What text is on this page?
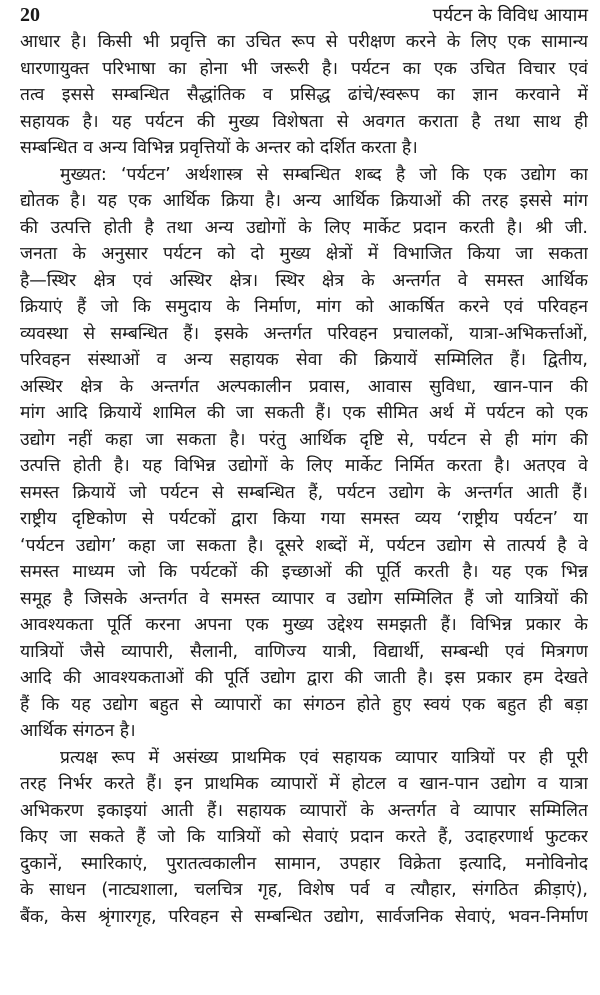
20	पर्यटन के विविध आयाम
आधार है। किसी भी प्रवृत्ति का उचित रूप से परीक्षण करने के लिए एक सामान्य
धारणायुक्त परिभाषा का होना भी जरूरी है। पर्यटन का एक उचित विचार एवं
तत्व इससे सम्बन्धित सैद्धांतिक व प्रसिद्ध ढांचे/स्वरूप का ज्ञान करवाने में
सहायक है। यह पर्यटन की मुख्य विशेषता से अवगत कराता है तथा साथ ही
सम्बन्धित व अन्य विभिन्न प्रवृत्तियों के अन्तर को दर्शित करता है।
मुख्यत: ‘पर्यटन’ अर्थशास्त्र से सम्बन्धित शब्द है जो कि एक उद्योग का
द्योतक है। यह एक आर्थिक क्रिया है। अन्य आर्थिक क्रियाओं की तरह इससे मांग
की उत्पत्ति होती है तथा अन्य उद्योगों के लिए मार्केट प्रदान करती है। श्री जी.
जनता के अनुसार पर्यटन को दो मुख्य क्षेत्रों में विभाजित किया जा सकता
है—स्थिर क्षेत्र एवं अस्थिर क्षेत्र। स्थिर क्षेत्र के अन्तर्गत वे समस्त आर्थिक
क्रियाएं हैं जो कि समुदाय के निर्माण, मांग को आकर्षित करने एवं परिवहन
व्यवस्था से सम्बन्धित हैं। इसके अन्तर्गत परिवहन प्रचालकों, यात्रा-अभिकर्त्ताओं,
परिवहन संस्थाओं व अन्य सहायक सेवा की क्रियायें सम्मिलित हैं। द्वितीय,
अस्थिर क्षेत्र के अन्तर्गत अल्पकालीन प्रवास, आवास सुविधा, खान-पान की
मांग आदि क्रियायें शामिल की जा सकती हैं। एक सीमित अर्थ में पर्यटन को एक
उद्योग नहीं कहा जा सकता है। परंतु आर्थिक दृष्टि से, पर्यटन से ही मांग की
उत्पत्ति होती है। यह विभिन्न उद्योगों के लिए मार्केट निर्मित करता है। अतएव वे
समस्त क्रियायें जो पर्यटन से सम्बन्धित हैं, पर्यटन उद्योग के अन्तर्गत आती हैं।
राष्ट्रीय दृष्टिकोण से पर्यटकों द्वारा किया गया समस्त व्यय ‘राष्ट्रीय पर्यटन’ या
‘पर्यटन उद्योग’ कहा जा सकता है। दूसरे शब्दों में, पर्यटन उद्योग से तात्पर्य है वे
समस्त माध्यम जो कि पर्यटकों की इच्छाओं की पूर्ति करती है। यह एक भिन्न
समूह है जिसके अन्तर्गत वे समस्त व्यापार व उद्योग सम्मिलित हैं जो यात्रियों की
आवश्यकता पूर्ति करना अपना एक मुख्य उद्देश्य समझती हैं। विभिन्न प्रकार के
यात्रियों जैसे व्यापारी, सैलानी, वाणिज्य यात्री, विद्यार्थी, सम्बन्धी एवं मित्रगण
आदि की आवश्यकताओं की पूर्ति उद्योग द्वारा की जाती है। इस प्रकार हम देखते
हैं कि यह उद्योग बहुत से व्यापारों का संगठन होते हुए स्वयं एक बहुत ही बड़ा
आर्थिक संगठन है।
प्रत्यक्ष रूप में असंख्य प्राथमिक एवं सहायक व्यापार यात्रियों पर ही पूरी
तरह निर्भर करते हैं। इन प्राथमिक व्यापारों में होटल व खान-पान उद्योग व यात्रा
अभिकरण इकाइयां आती हैं। सहायक व्यापारों के अन्तर्गत वे व्यापार सम्मिलित
किए जा सकते हैं जो कि यात्रियों को सेवाएं प्रदान करते हैं, उदाहरणार्थ फुटकर
दुकानें, स्मारिकाएं, पुरातत्वकालीन सामान, उपहार विक्रेता इत्यादि, मनोविनोद
के साधन (नाट्यशाला, चलचित्र गृह, विशेष पर्व व त्यौहार, संगठित क्रीड़ाएं),
बैंक, केस श्रृंगारगृह, परिवहन से सम्बन्धित उद्योग, सार्वजनिक सेवाएं, भवन-निर्माण
